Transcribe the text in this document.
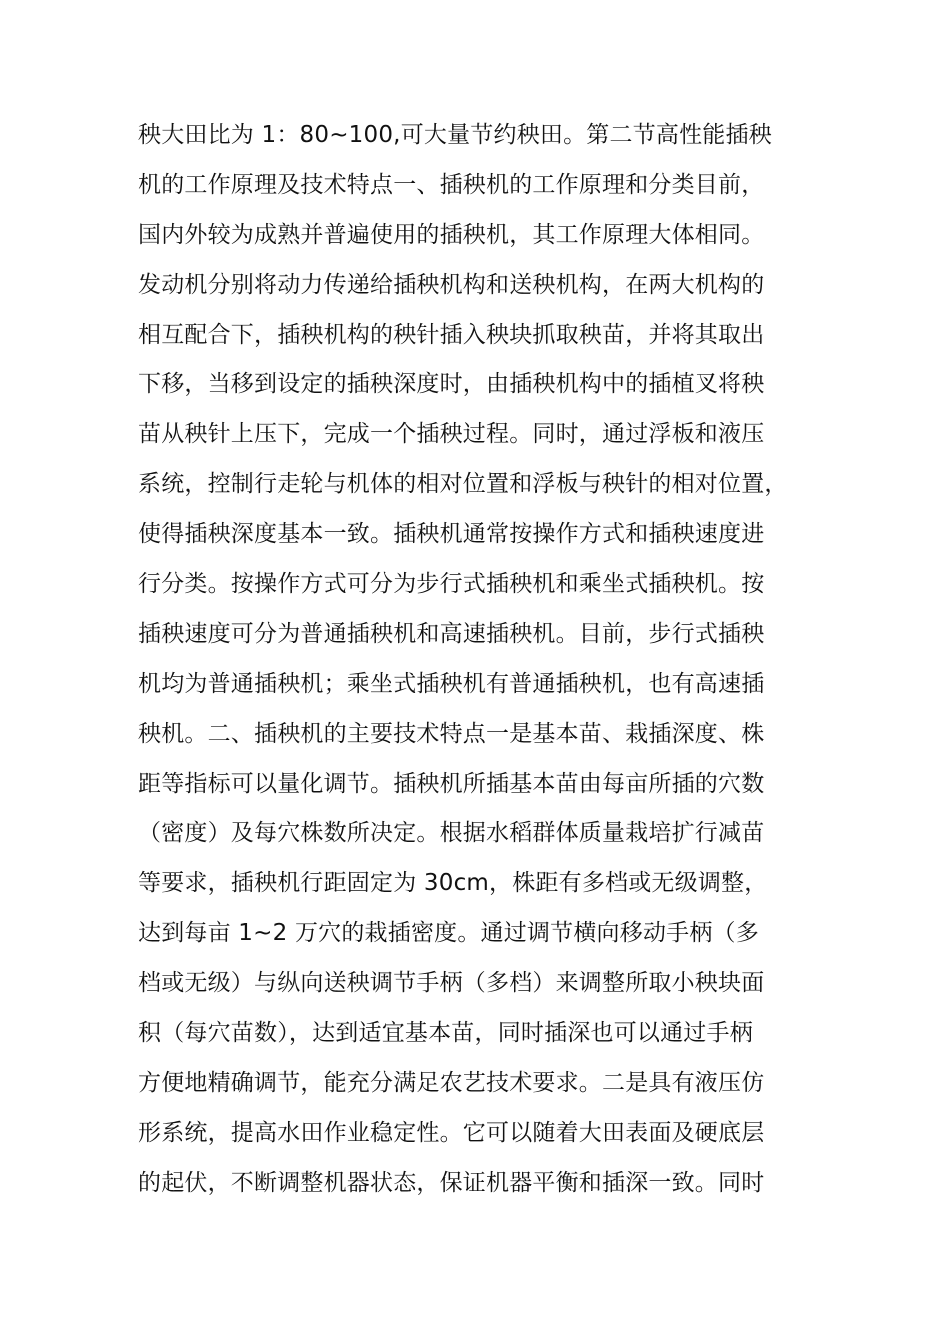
秧大田比为 1：80~100,可大量节约秧田。第二节高性能插秧
机的工作原理及技术特点一、插秧机的工作原理和分类目前，
国内外较为成熟并普遍使用的插秧机，其工作原理大体相同。
发动机分别将动力传递给插秧机构和送秧机构，在两大机构的
相互配合下，插秧机构的秧针插入秧块抓取秧苗，并将其取出
下移，当移到设定的插秧深度时，由插秧机构中的插植叉将秧
苗从秧针上压下，完成一个插秧过程。同时，通过浮板和液压
系统，控制行走轮与机体的相对位置和浮板与秧针的相对位置，
使得插秧深度基本一致。插秧机通常按操作方式和插秧速度进
行分类。按操作方式可分为步行式插秧机和乘坐式插秧机。按
插秧速度可分为普通插秧机和高速插秧机。目前，步行式插秧
机均为普通插秧机；乘坐式插秧机有普通插秧机，也有高速插
秧机。二、插秧机的主要技术特点一是基本苗、栽插深度、株
距等指标可以量化调节。插秧机所插基本苗由每亩所插的穴数
（密度）及每穴株数所决定。根据水稻群体质量栽培扩行减苗
等要求，插秧机行距固定为 30cm，株距有多档或无级调整，
达到每亩 1~2 万穴的栽插密度。通过调节横向移动手柄（多
档或无级）与纵向送秧调节手柄（多档）来调整所取小秧块面
积（每穴苗数），达到适宜基本苗，同时插深也可以通过手柄
方便地精确调节，能充分满足农艺技术要求。二是具有液压仿
形系统，提高水田作业稳定性。它可以随着大田表面及硬底层
的起伏，不断调整机器状态，保证机器平衡和插深一致。同时
